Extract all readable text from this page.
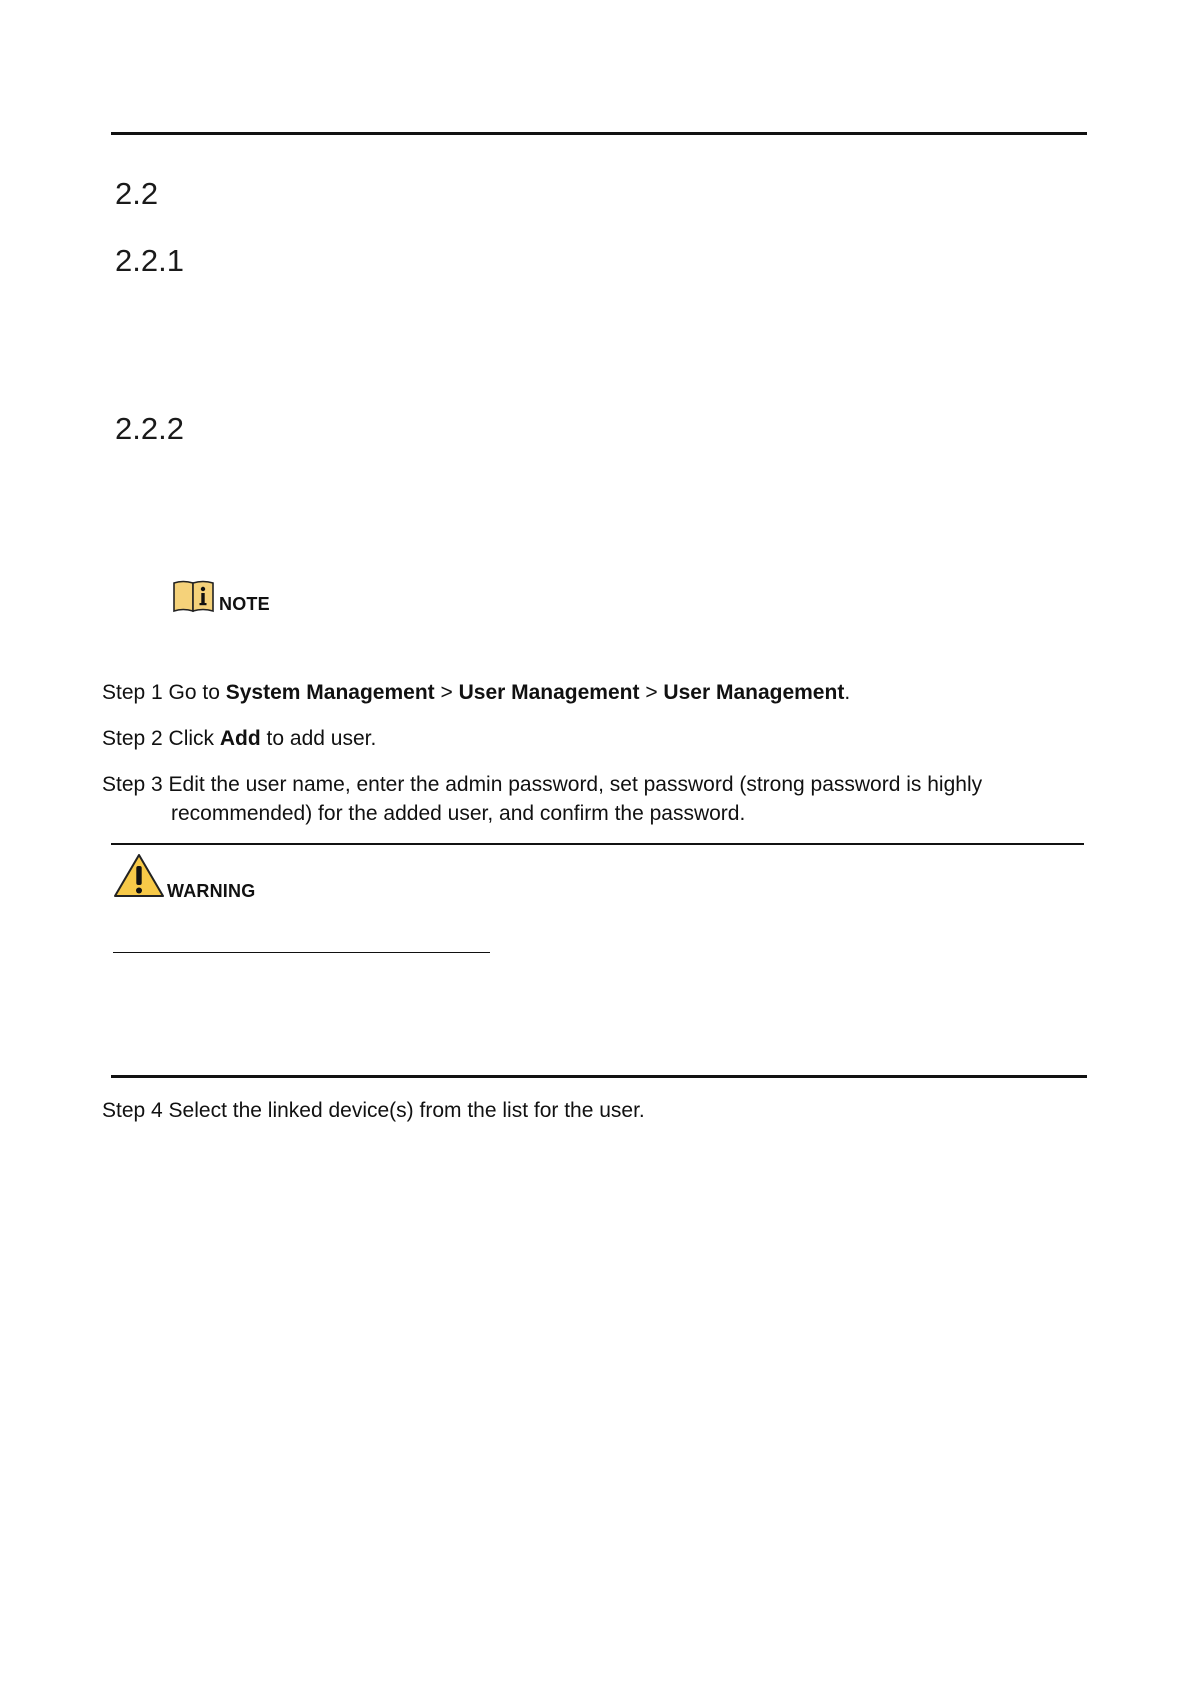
2.2
2.2.1
2.2.2
NOTE
Step 1 Go to System Management > User Management > User Management.
Step 2 Click Add to add user.
Step 3 Edit the user name, enter the admin password, set password (strong password is highly
recommended) for the added user, and confirm the password.
WARNING
Step 4 Select the linked device(s) from the list for the user.
